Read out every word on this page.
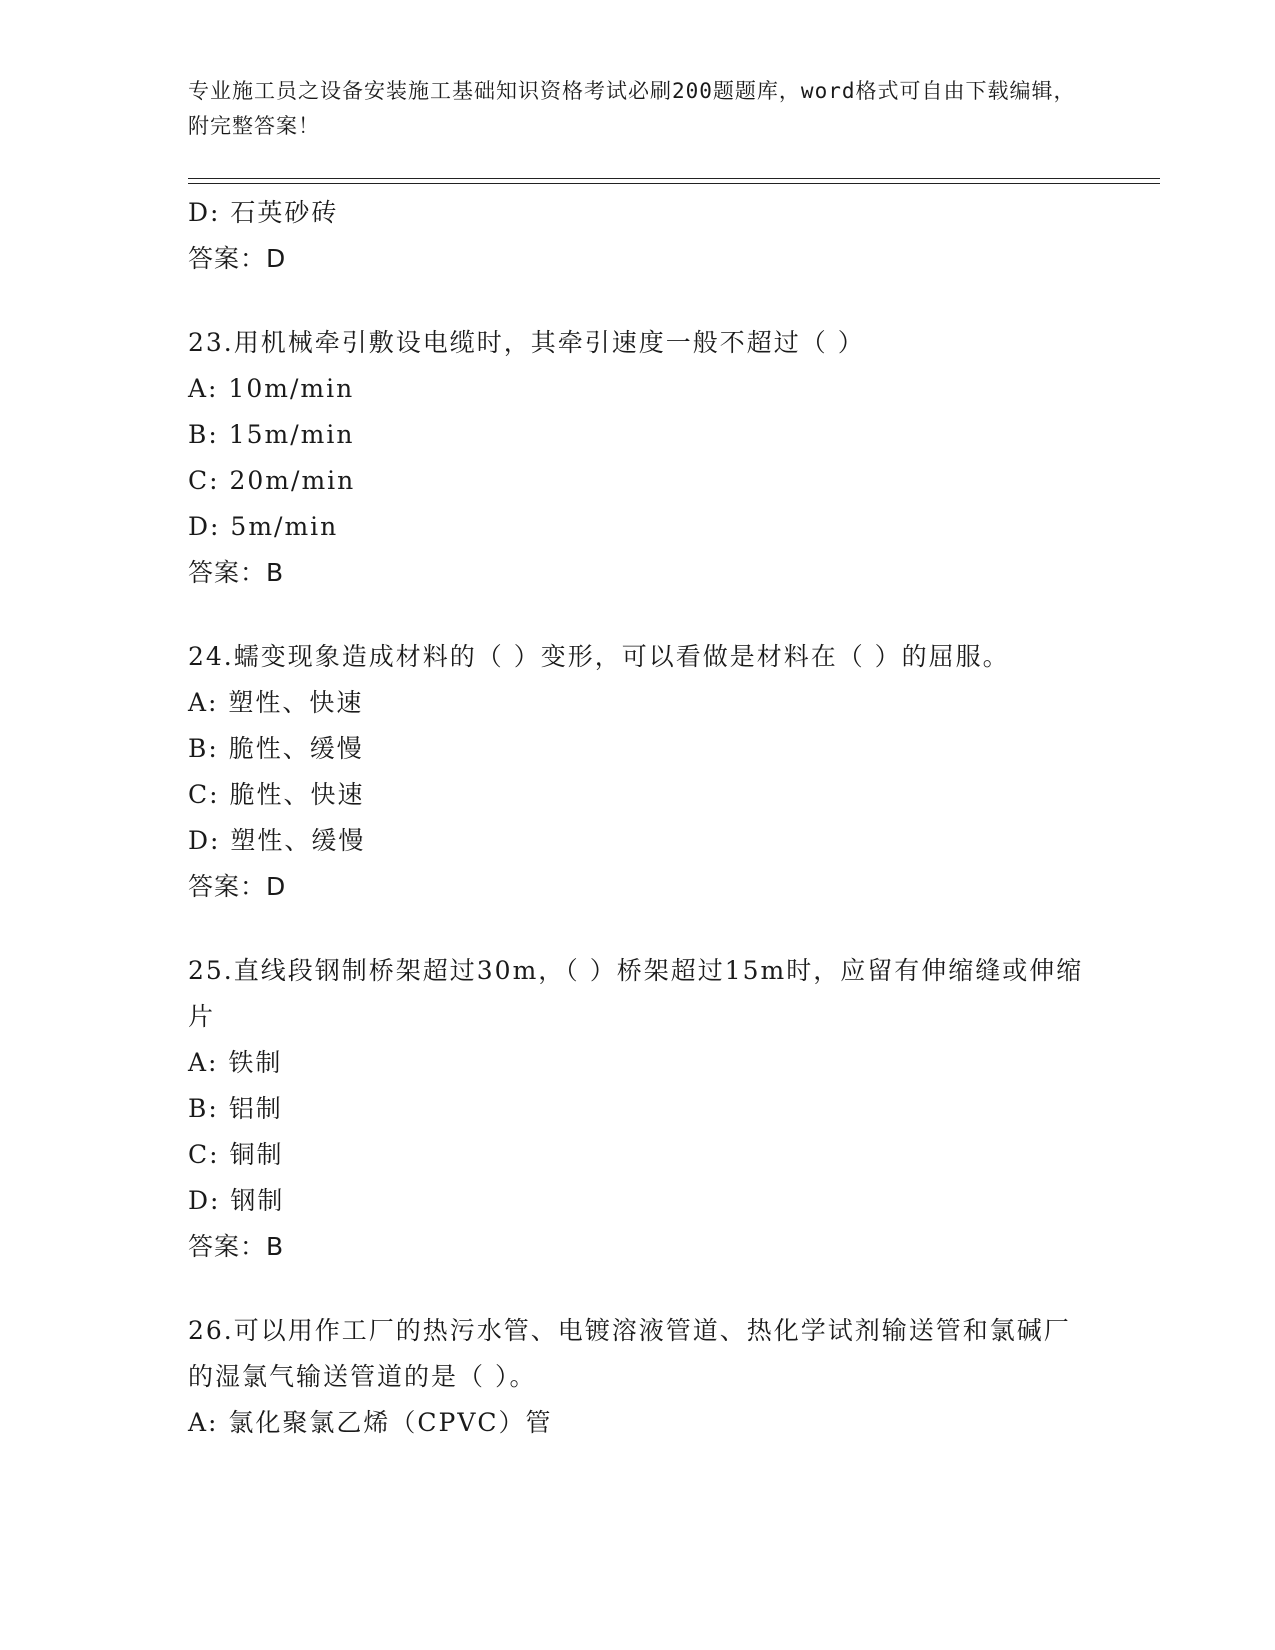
专业施工员之设备安装施工基础知识资格考试必刷200题题库，word格式可自由下载编辑，附完整答案！

D: 石英砂砖
答案：D
23.用机械牵引敷设电缆时，其牵引速度一般不超过（ ）
A: 10m/min
B: 15m/min
C: 20m/min
D: 5m/min
答案：B
24.蠕变现象造成材料的（ ）变形，可以看做是材料在（ ）的屈服。
A: 塑性、快速
B: 脆性、缓慢
C: 脆性、快速
D: 塑性、缓慢
答案：D
25.直线段钢制桥架超过30m，（ ）桥架超过15m时，应留有伸缩缝或伸缩片
A: 铁制
B: 铝制
C: 铜制
D: 钢制
答案：B
26.可以用作工厂的热污水管、电镀溶液管道、热化学试剂输送管和氯碱厂的湿氯气输送管道的是（ ）。
A: 氯化聚氯乙烯（CPVC）管
